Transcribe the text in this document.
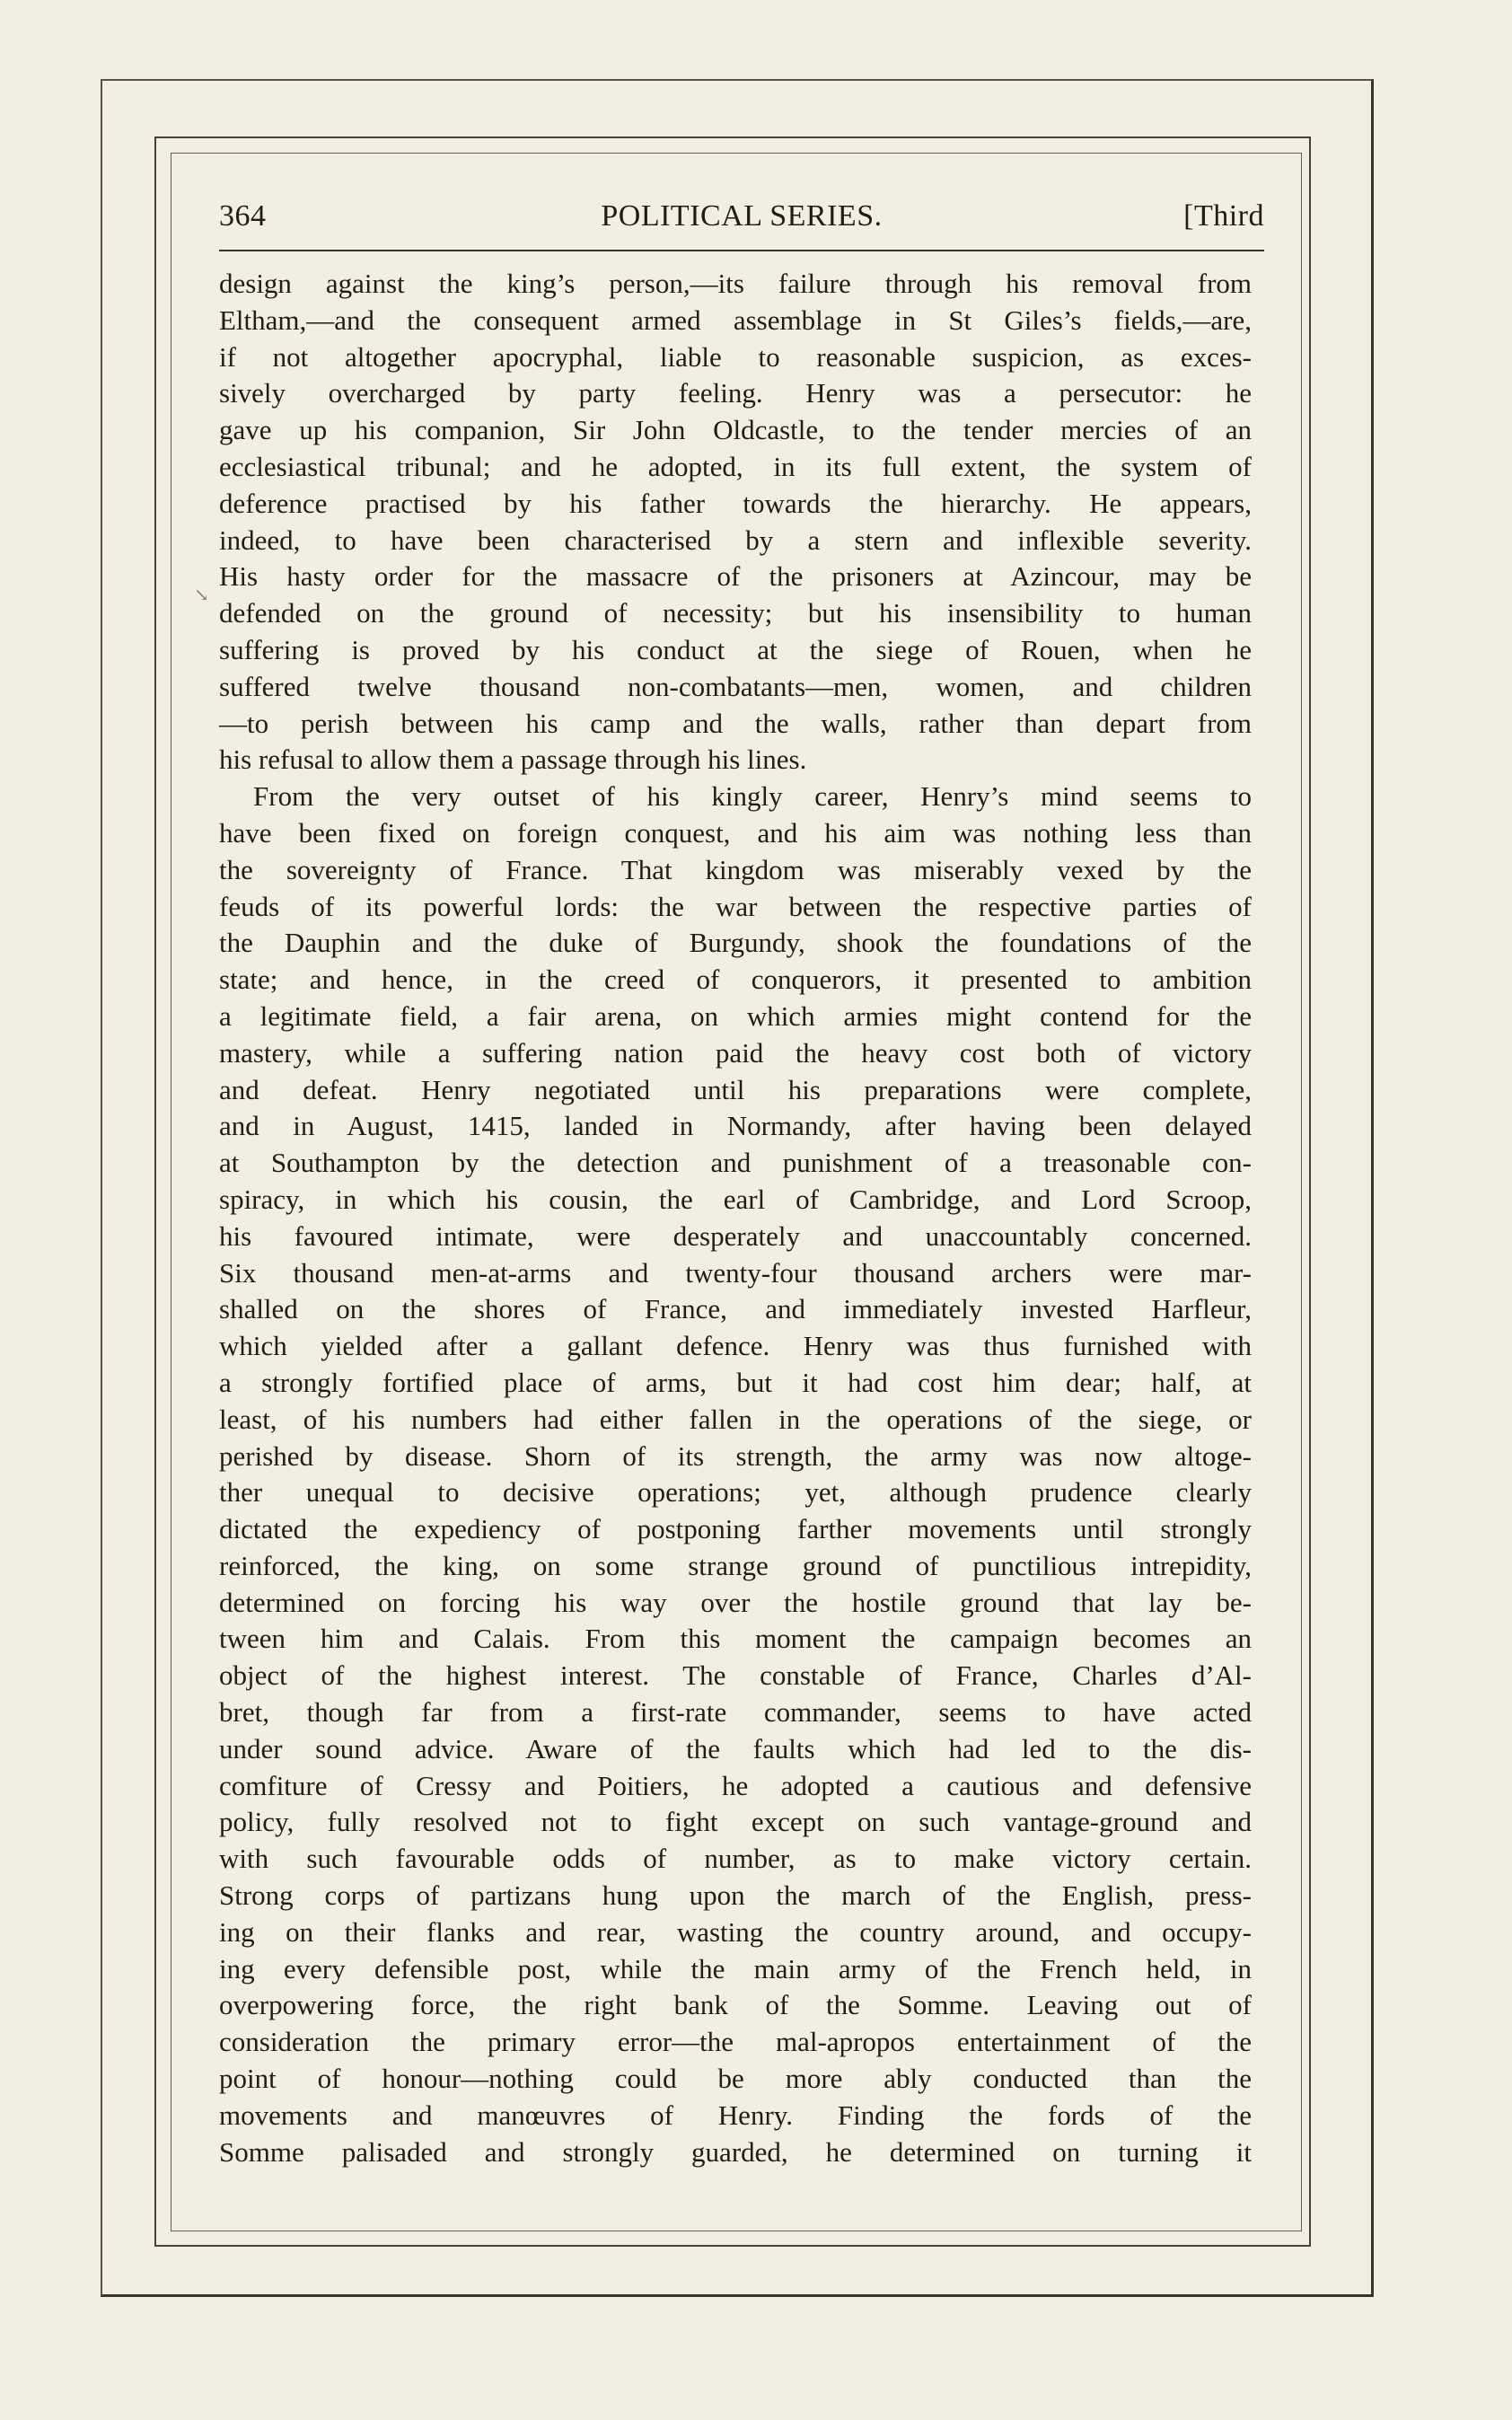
364	POLITICAL SERIES.	[Third
↘
design against the king’s person,—its failure through his removal from
Eltham,—and the consequent armed assemblage in St Giles’s fields,—are,
if not altogether apocryphal, liable to reasonable suspicion, as exces-
sively overcharged by party feeling. Henry was a persecutor: he
gave up his companion, Sir John Oldcastle, to the tender mercies of an
ecclesiastical tribunal; and he adopted, in its full extent, the system of
deference practised by his father towards the hierarchy. He appears,
indeed, to have been characterised by a stern and inflexible severity.
His hasty order for the massacre of the prisoners at Azincour, may be
defended on the ground of necessity; but his insensibility to human
suffering is proved by his conduct at the siege of Rouen, when he
suffered twelve thousand non-combatants—men, women, and children
—to perish between his camp and the walls, rather than depart from
his refusal to allow them a passage through his lines.
From the very outset of his kingly career, Henry’s mind seems to
have been fixed on foreign conquest, and his aim was nothing less than
the sovereignty of France. That kingdom was miserably vexed by the
feuds of its powerful lords: the war between the respective parties of
the Dauphin and the duke of Burgundy, shook the foundations of the
state; and hence, in the creed of conquerors, it presented to ambition
a legitimate field, a fair arena, on which armies might contend for the
mastery, while a suffering nation paid the heavy cost both of victory
and defeat. Henry negotiated until his preparations were complete,
and in August, 1415, landed in Normandy, after having been delayed
at Southampton by the detection and punishment of a treasonable con-
spiracy, in which his cousin, the earl of Cambridge, and Lord Scroop,
his favoured intimate, were desperately and unaccountably concerned.
Six thousand men-at-arms and twenty-four thousand archers were mar-
shalled on the shores of France, and immediately invested Harfleur,
which yielded after a gallant defence. Henry was thus furnished with
a strongly fortified place of arms, but it had cost him dear; half, at
least, of his numbers had either fallen in the operations of the siege, or
perished by disease. Shorn of its strength, the army was now altoge-
ther unequal to decisive operations; yet, although prudence clearly
dictated the expediency of postponing farther movements until strongly
reinforced, the king, on some strange ground of punctilious intrepidity,
determined on forcing his way over the hostile ground that lay be-
tween him and Calais. From this moment the campaign becomes an
object of the highest interest. The constable of France, Charles d’Al-
bret, though far from a first-rate commander, seems to have acted
under sound advice. Aware of the faults which had led to the dis-
comfiture of Cressy and Poitiers, he adopted a cautious and defensive
policy, fully resolved not to fight except on such vantage-ground and
with such favourable odds of number, as to make victory certain.
Strong corps of partizans hung upon the march of the English, press-
ing on their flanks and rear, wasting the country around, and occupy-
ing every defensible post, while the main army of the French held, in
overpowering force, the right bank of the Somme. Leaving out of
consideration the primary error—the mal-apropos entertainment of the
point of honour—nothing could be more ably conducted than the
movements and manœuvres of Henry. Finding the fords of the
Somme palisaded and strongly guarded, he determined on turning it
